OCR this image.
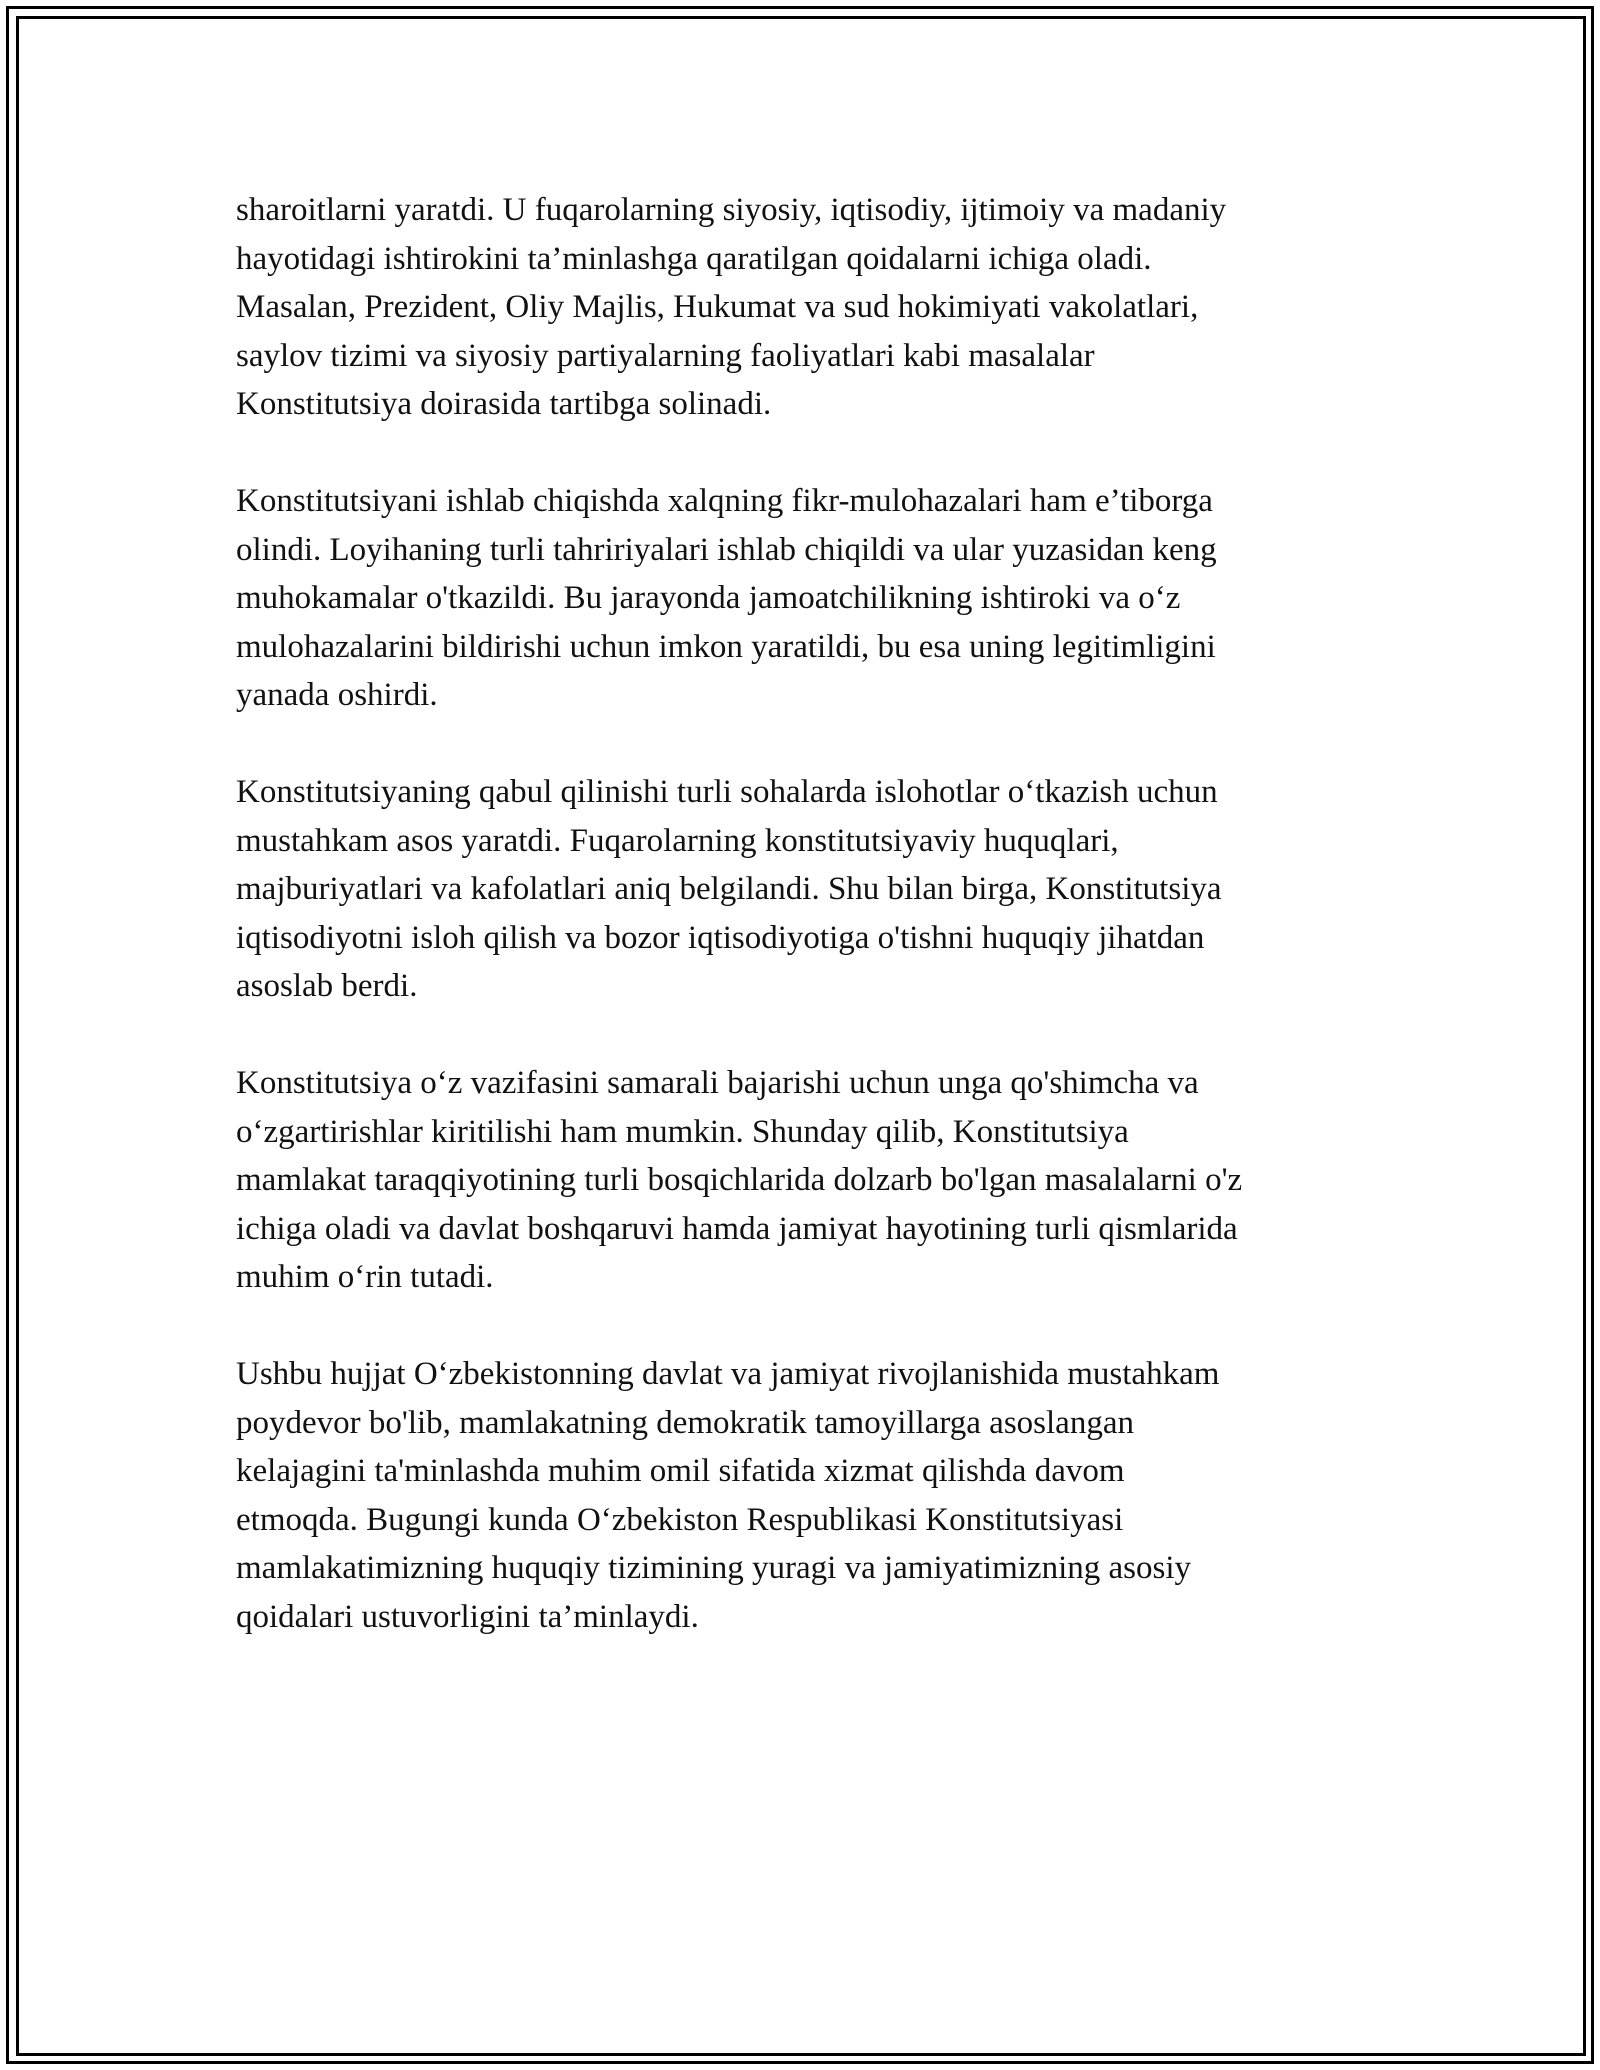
sharoitlarni yaratdi. U fuqarolarning siyosiy, iqtisodiy, ijtimoiy va madaniy
hayotidagi ishtirokini ta’minlashga qaratilgan qoidalarni ichiga oladi.
Masalan, Prezident, Oliy Majlis, Hukumat va sud hokimiyati vakolatlari,
saylov tizimi va siyosiy partiyalarning faoliyatlari kabi masalalar
Konstitutsiya doirasida tartibga solinadi.

Konstitutsiyani ishlab chiqishda xalqning fikr-mulohazalari ham e’tiborga
olindi. Loyihaning turli tahririyalari ishlab chiqildi va ular yuzasidan keng
muhokamalar o'tkazildi. Bu jarayonda jamoatchilikning ishtiroki va o‘z
mulohazalarini bildirishi uchun imkon yaratildi, bu esa uning legitimligini
yanada oshirdi.

Konstitutsiyaning qabul qilinishi turli sohalarda islohotlar o‘tkazish uchun
mustahkam asos yaratdi. Fuqarolarning konstitutsiyaviy huquqlari,
majburiyatlari va kafolatlari aniq belgilandi. Shu bilan birga, Konstitutsiya
iqtisodiyotni isloh qilish va bozor iqtisodiyotiga o'tishni huquqiy jihatdan
asoslab berdi.

Konstitutsiya o‘z vazifasini samarali bajarishi uchun unga qo'shimcha va
o‘zgartirishlar kiritilishi ham mumkin. Shunday qilib, Konstitutsiya
mamlakat taraqqiyotining turli bosqichlarida dolzarb bo'lgan masalalarni o'z
ichiga oladi va davlat boshqaruvi hamda jamiyat hayotining turli qismlarida
muhim o‘rin tutadi.

Ushbu hujjat O‘zbekistonning davlat va jamiyat rivojlanishida mustahkam
poydevor bo'lib, mamlakatning demokratik tamoyillarga asoslangan
kelajagini ta'minlashda muhim omil sifatida xizmat qilishda davom
etmoqda. Bugungi kunda O‘zbekiston Respublikasi Konstitutsiyasi
mamlakatimizning huquqiy tizimining yuragi va jamiyatimizning asosiy
qoidalari ustuvorligini ta’minlaydi.
